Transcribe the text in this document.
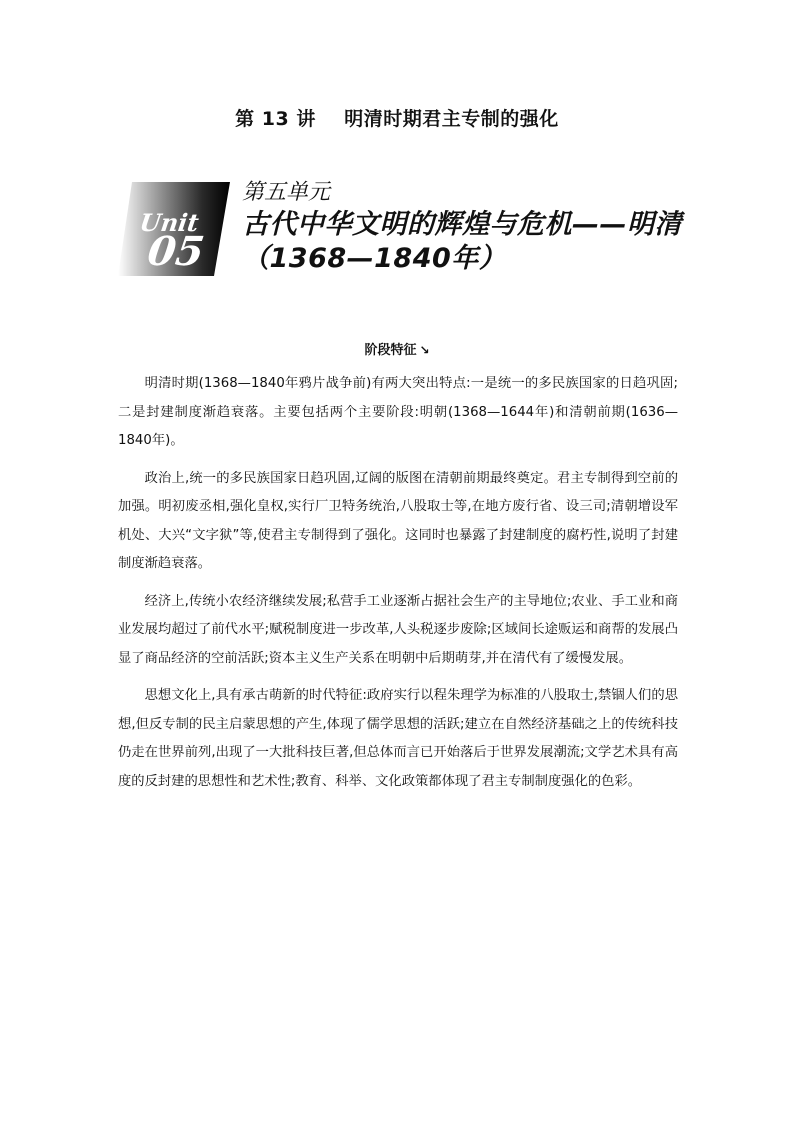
第 13 讲    明清时期君主专制的强化
Unit
05
第五单元
古代中华文明的辉煌与危机——明清
（1368—1840年）
阶段特征 ↘

明清时期(1368—1840年鸦片战争前)有两大突出特点:一是统一的多民族国家的日趋巩固;二是封建制度渐趋衰落。主要包括两个主要阶段:明朝(1368—1644年)和清朝前期(1636—1840年)。

政治上,统一的多民族国家日趋巩固,辽阔的版图在清朝前期最终奠定。君主专制得到空前的加强。明初废丞相,强化皇权,实行厂卫特务统治,八股取士等,在地方废行省、设三司;清朝增设军机处、大兴“文字狱”等,使君主专制得到了强化。这同时也暴露了封建制度的腐朽性,说明了封建制度渐趋衰落。

经济上,传统小农经济继续发展;私营手工业逐渐占据社会生产的主导地位;农业、手工业和商业发展均超过了前代水平;赋税制度进一步改革,人头税逐步废除;区域间长途贩运和商帮的发展凸显了商品经济的空前活跃;资本主义生产关系在明朝中后期萌芽,并在清代有了缓慢发展。

思想文化上,具有承古萌新的时代特征:政府实行以程朱理学为标准的八股取士,禁锢人们的思想,但反专制的民主启蒙思想的产生,体现了儒学思想的活跃;建立在自然经济基础之上的传统科技仍走在世界前列,出现了一大批科技巨著,但总体而言已开始落后于世界发展潮流;文学艺术具有高度的反封建的思想性和艺术性;教育、科举、文化政策都体现了君主专制制度强化的色彩。
